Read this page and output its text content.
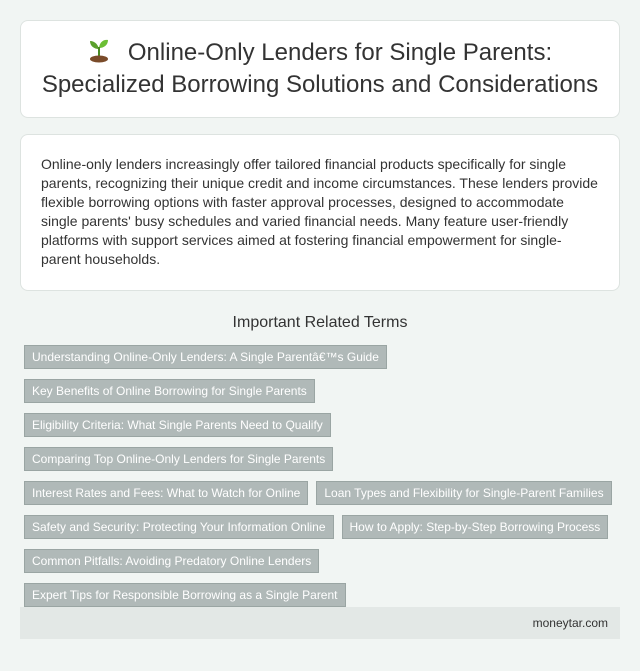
Online-Only Lenders for Single Parents: Specialized Borrowing Solutions and Considerations

Online-only lenders increasingly offer tailored financial products specifically for single parents, recognizing their unique credit and income circumstances. These lenders provide flexible borrowing options with faster approval processes, designed to accommodate single parents' busy schedules and varied financial needs. Many feature user-friendly platforms with support services aimed at fostering financial empowerment for single-parent households.

Important Related Terms
Understanding Online-Only Lenders: A Single Parentâ€™s Guide
Key Benefits of Online Borrowing for Single Parents
Eligibility Criteria: What Single Parents Need to Qualify
Comparing Top Online-Only Lenders for Single Parents
Interest Rates and Fees: What to Watch for Online	Loan Types and Flexibility for Single-Parent Families
Safety and Security: Protecting Your Information Online	How to Apply: Step-by-Step Borrowing Process
Common Pitfalls: Avoiding Predatory Online Lenders
Expert Tips for Responsible Borrowing as a Single Parent
moneytar.com
